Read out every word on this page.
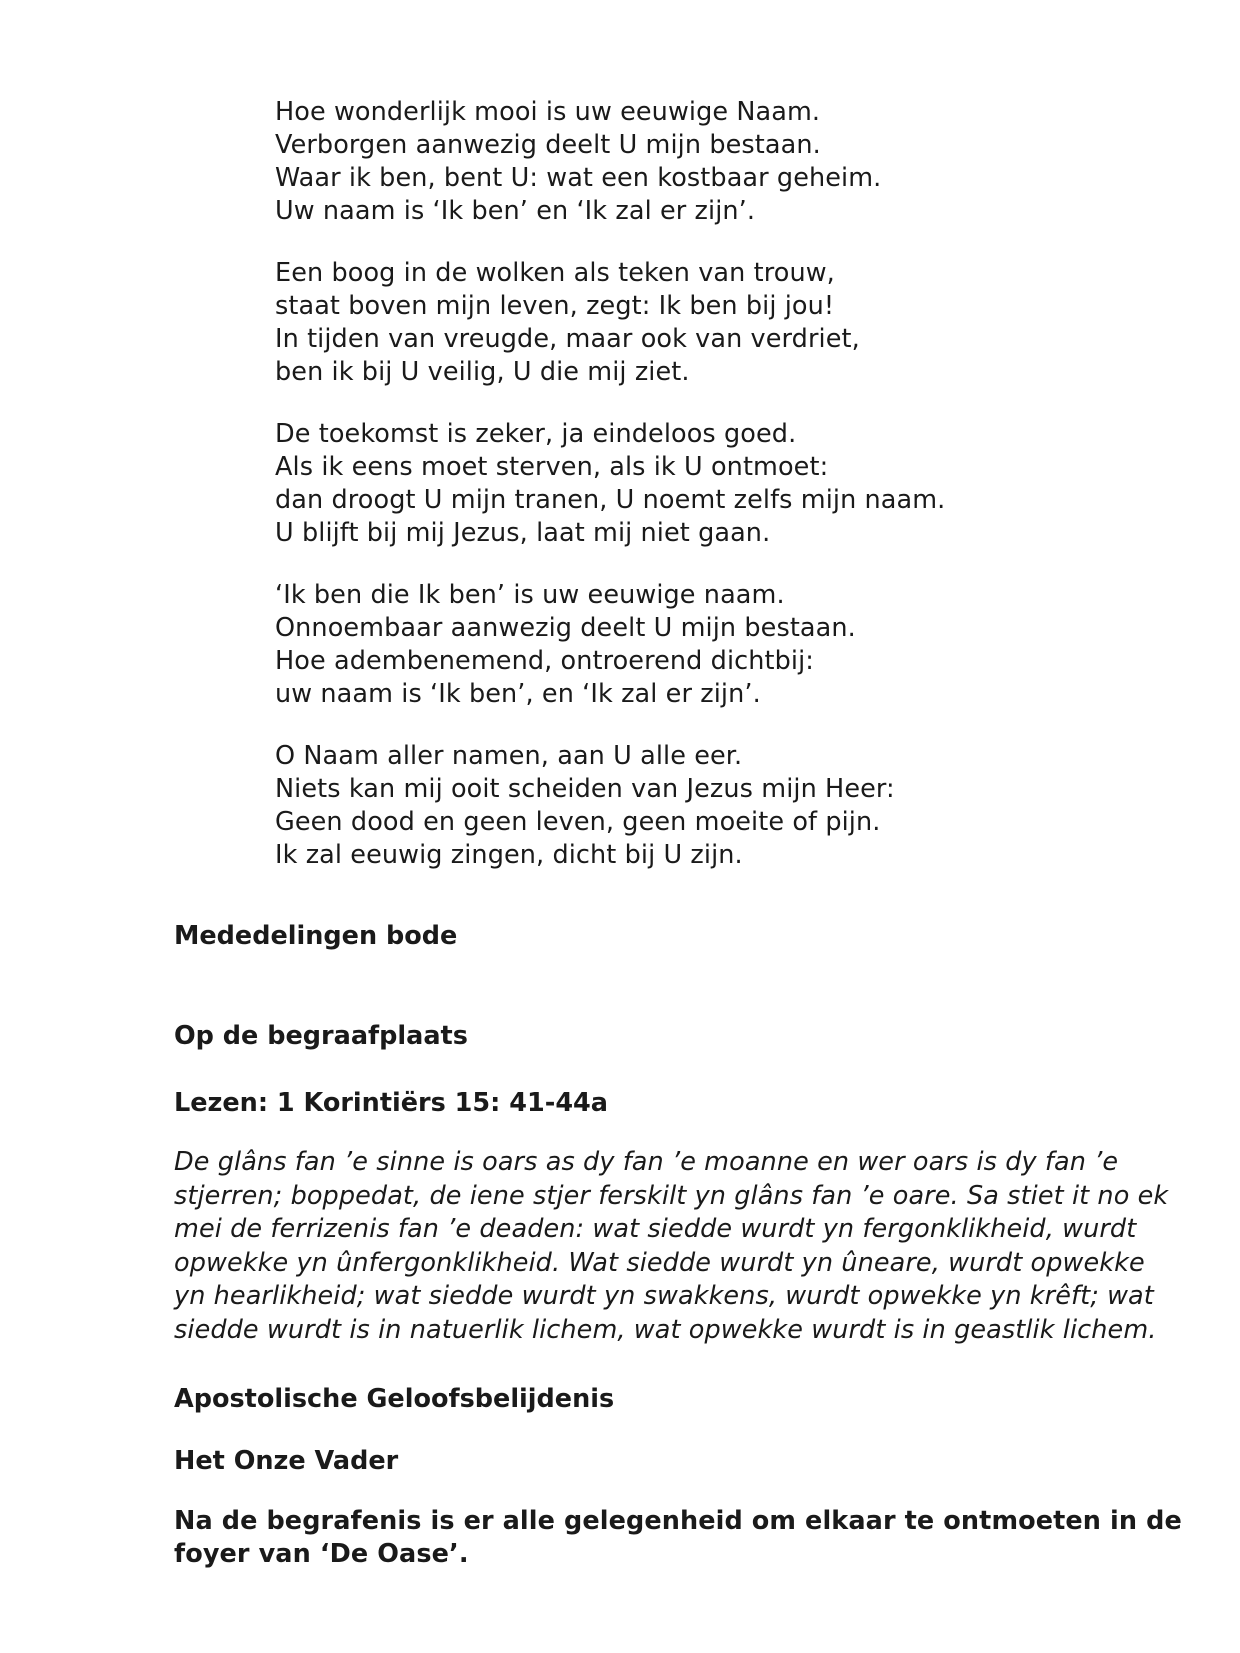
Hoe wonderlijk mooi is uw eeuwige Naam.
Verborgen aanwezig deelt U mijn bestaan.
Waar ik ben, bent U: wat een kostbaar geheim.
Uw naam is ‘Ik ben’ en ‘Ik zal er zijn’.
Een boog in de wolken als teken van trouw,
staat boven mijn leven, zegt: Ik ben bij jou!
In tijden van vreugde, maar ook van verdriet,
ben ik bij U veilig, U die mij ziet.
De toekomst is zeker, ja eindeloos goed.
Als ik eens moet sterven, als ik U ontmoet:
dan droogt U mijn tranen, U noemt zelfs mijn naam.
U blijft bij mij Jezus, laat mij niet gaan.
‘Ik ben die Ik ben’ is uw eeuwige naam.
Onnoembaar aanwezig deelt U mijn bestaan.
Hoe adembenemend, ontroerend dichtbij:
uw naam is ‘Ik ben’, en ‘Ik zal er zijn’.
O Naam aller namen, aan U alle eer.
Niets kan mij ooit scheiden van Jezus mijn Heer:
Geen dood en geen leven, geen moeite of pijn.
Ik zal eeuwig zingen, dicht bij U zijn.
Mededelingen bode
Op de begraafplaats
Lezen: 1 Korintiërs 15: 41-44a
De glâns fan ’e sinne is oars as dy fan ’e moanne en wer oars is dy fan ’e
stjerren; boppedat, de iene stjer ferskilt yn glâns fan ’e oare. Sa stiet it no ek
mei de ferrizenis fan ’e deaden: wat siedde wurdt yn fergonklikheid, wurdt
opwekke yn ûnfergonklikheid. Wat siedde wurdt yn ûneare, wurdt opwekke
yn hearlikheid; wat siedde wurdt yn swakkens, wurdt opwekke yn krêft; wat
siedde wurdt is in natuerlik lichem, wat opwekke wurdt is in geastlik lichem.
Apostolische Geloofsbelijdenis
Het Onze Vader
Na de begrafenis is er alle gelegenheid om elkaar te ontmoeten in de
foyer van ‘De Oase’.
